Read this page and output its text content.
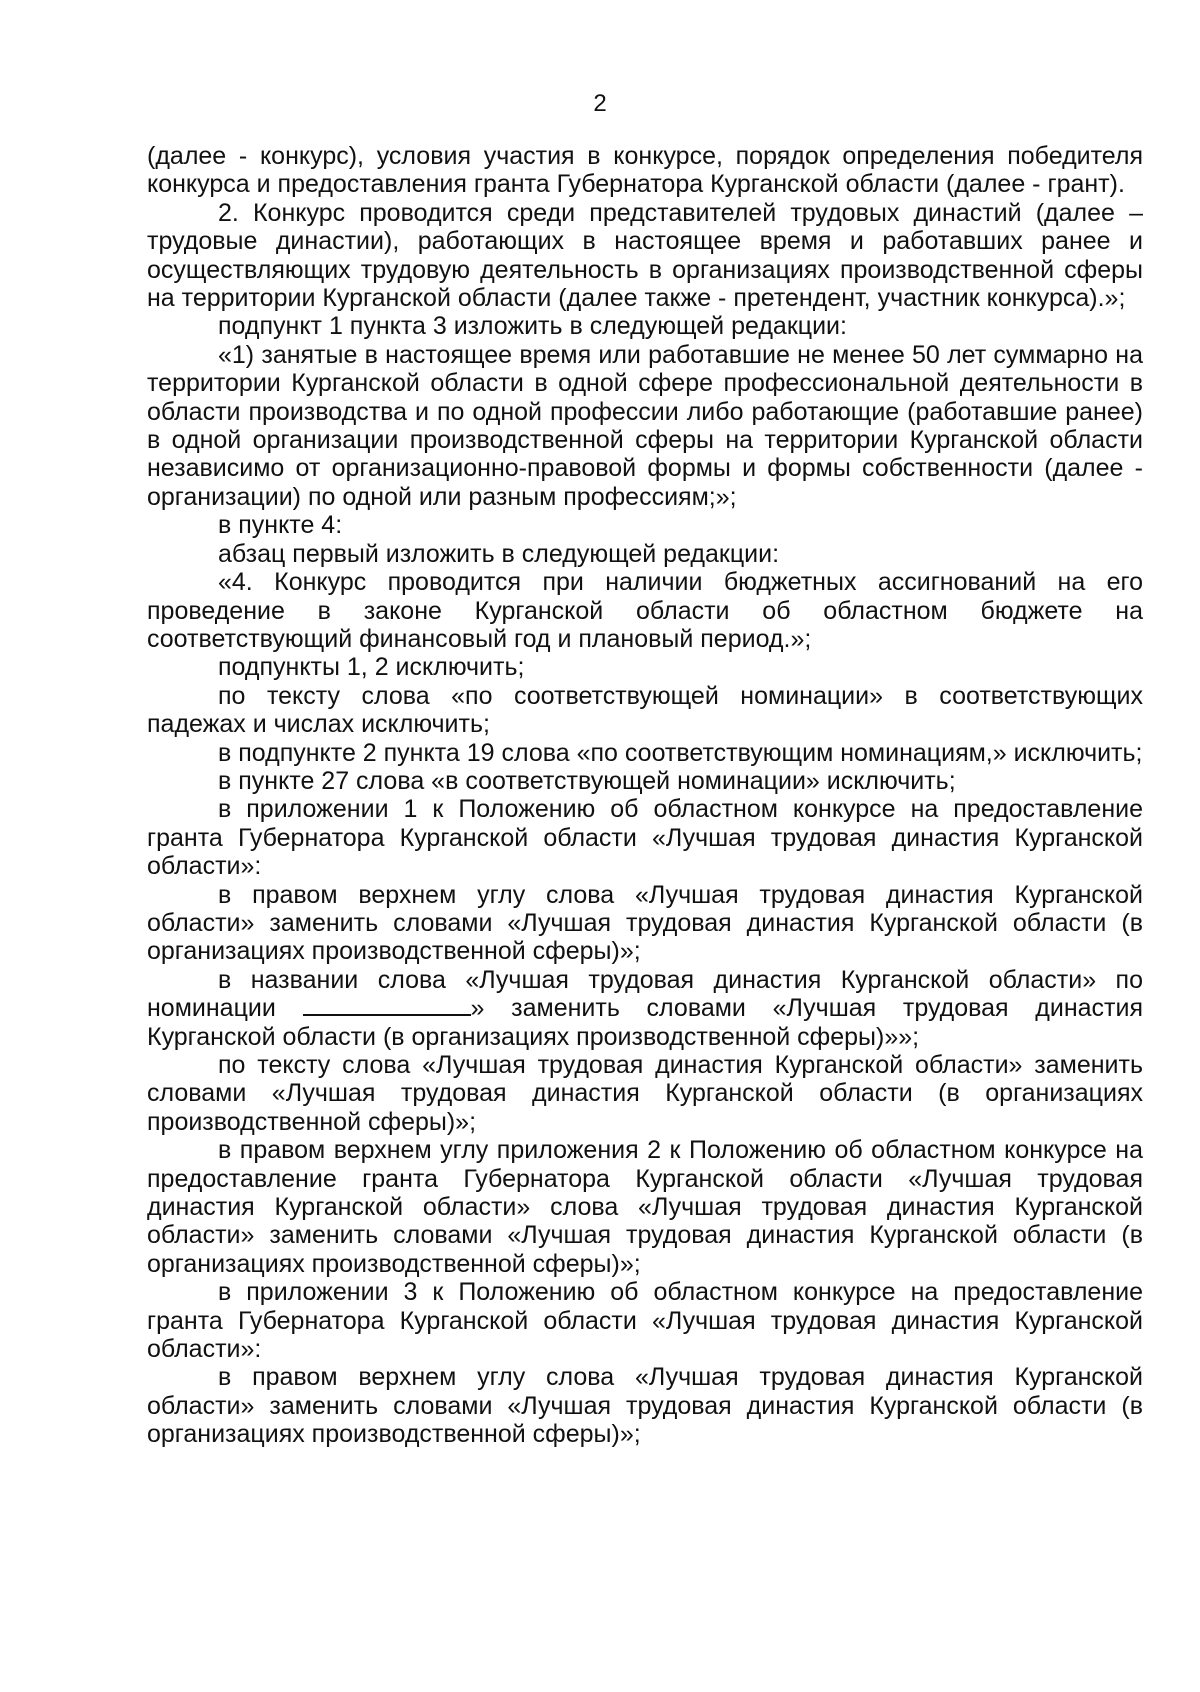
2

(далее - конкурс), условия участия в конкурсе, порядок определения победителя конкурса и предоставления гранта Губернатора Курганской области (далее - грант).

2. Конкурс проводится среди представителей трудовых династий (далее – трудовые династии), работающих в настоящее время и работавших ранее и осуществляющих трудовую деятельность в организациях производственной сферы на территории Курганской области (далее также - претендент, участник конкурса).»;

подпункт 1 пункта 3 изложить в следующей редакции:

«1) занятые в настоящее время или работавшие не менее 50 лет суммарно на территории Курганской области в одной сфере профессиональной деятельности в области производства и по одной профессии либо работающие (работавшие ранее) в одной организации производственной сферы на территории Курганской области независимо от организационно-правовой формы и формы собственности (далее - организации) по одной или разным профессиям;»;

в пункте 4:

абзац первый изложить в следующей редакции:

«4. Конкурс проводится при наличии бюджетных ассигнований на его проведение в законе Курганской области об областном бюджете на соответствующий финансовый год и плановый период.»;

подпункты 1, 2 исключить;

по тексту слова «по соответствующей номинации» в соответствующих падежах и числах исключить;

в подпункте 2 пункта 19 слова «по соответствующим номинациям,» исключить;

в пункте 27 слова «в соответствующей номинации» исключить;

в приложении 1 к Положению об областном конкурсе на предоставление гранта Губернатора Курганской области «Лучшая трудовая династия Курганской области»:

в правом верхнем углу слова «Лучшая трудовая династия Курганской области» заменить словами «Лучшая трудовая династия Курганской области (в организациях производственной сферы)»;

в названии слова «Лучшая трудовая династия Курганской области» по номинации	» заменить словами «Лучшая трудовая династия Курганской области (в организациях производственной сферы)»»;

по тексту слова «Лучшая трудовая династия Курганской области» заменить словами «Лучшая трудовая династия Курганской области (в организациях производственной сферы)»;

в правом верхнем углу приложения 2 к Положению об областном конкурсе на предоставление гранта Губернатора Курганской области «Лучшая трудовая династия Курганской области» слова «Лучшая трудовая династия Курганской области» заменить словами «Лучшая трудовая династия Курганской области (в организациях производственной сферы)»;

в приложении 3 к Положению об областном конкурсе на предоставление гранта Губернатора Курганской области «Лучшая трудовая династия Курганской области»:

в правом верхнем углу слова «Лучшая трудовая династия Курганской области» заменить словами «Лучшая трудовая династия Курганской области (в организациях производственной сферы)»;
